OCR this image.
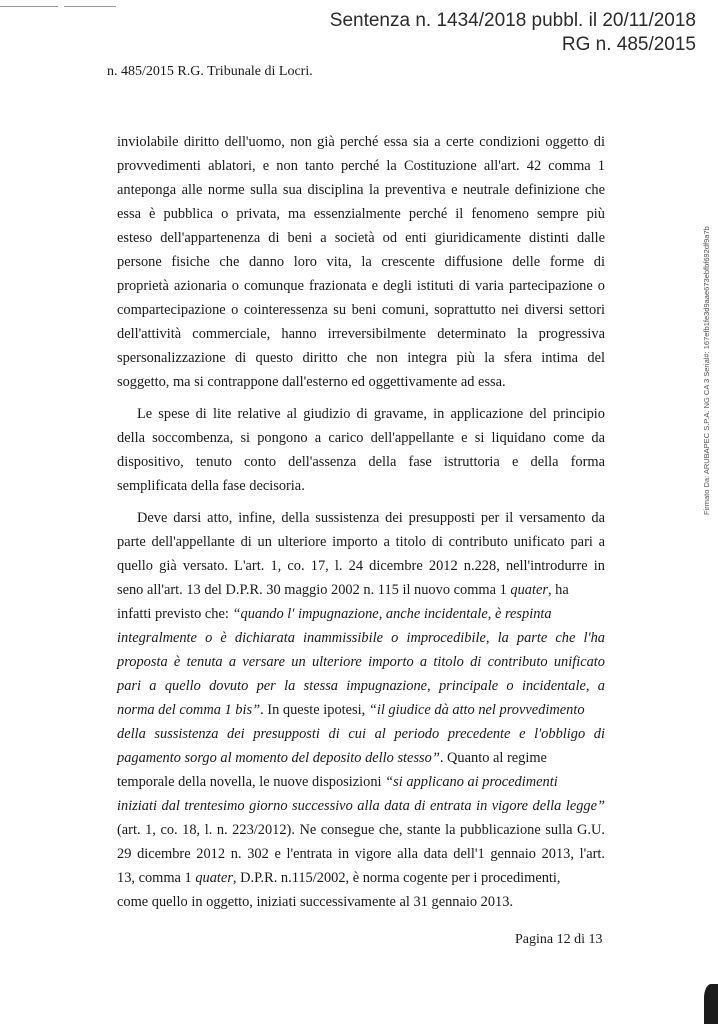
Sentenza n. 1434/2018 pubbl. il 20/11/2018
RG n. 485/2015
n. 485/2015 R.G. Tribunale di Locri.
inviolabile diritto dell'uomo, non già perché essa sia a certe condizioni oggetto di
provvedimenti ablatori, e non tanto perché la Costituzione all'art. 42 comma 1
anteponga alle norme sulla sua disciplina la preventiva e neutrale definizione che
essa è pubblica o privata, ma essenzialmente perché il fenomeno sempre più
esteso dell'appartenenza di beni a società od enti giuridicamente distinti dalle
persone fisiche che danno loro vita, la crescente diffusione delle forme di
proprietà azionaria o comunque frazionata e degli istituti di varia partecipazione o
compartecipazione o cointeressenza su beni comuni, soprattutto nei diversi settori
dell'attività commerciale, hanno irreversibilmente determinato la progressiva
spersonalizzazione di questo diritto che non integra più la sfera intima del
soggetto, ma si contrappone dall'esterno ed oggettivamente ad essa.
Le spese di lite relative al giudizio di gravame, in applicazione del principio
della soccombenza, si pongono a carico dell'appellante e si liquidano come da
dispositivo, tenuto conto dell'assenza della fase istruttoria e della forma
semplificata della fase decisoria.
Deve darsi atto, infine, della sussistenza dei presupposti per il versamento da
parte dell'appellante di un ulteriore importo a titolo di contributo unificato pari a
quello già versato. L'art. 1, co. 17, l. 24 dicembre 2012 n.228, nell'introdurre in
seno all'art. 13 del D.P.R. 30 maggio 2002 n. 115 il nuovo comma 1 quater, ha
infatti previsto che: “quando l' impugnazione, anche incidentale, è respinta
integralmente o è dichiarata inammissibile o improcedibile, la parte che l'ha
proposta è tenuta a versare un ulteriore importo a titolo di contributo unificato
pari a quello dovuto per la stessa impugnazione, principale o incidentale, a
norma del comma 1 bis”. In queste ipotesi, “il giudice dà atto nel provvedimento
della sussistenza dei presupposti di cui al periodo precedente e l'obbligo di
pagamento sorgo al momento del deposito dello stesso”. Quanto al regime
temporale della novella, le nuove disposizioni “si applicano ai procedimenti
iniziati dal trentesimo giorno successivo alla data di entrata in vigore della legge”
(art. 1, co. 18, l. n. 223/2012). Ne consegue che, stante la pubblicazione sulla G.U.
29 dicembre 2012 n. 302 e l'entrata in vigore alla data dell'1 gennaio 2013, l'art.
13, comma 1 quater, D.P.R. n.115/2002, è norma cogente per i procedimenti,
come quello in oggetto, iniziati successivamente al 31 gennaio 2013.
Pagina 12 di 13
Firmato Da: ARUBAPEC S.P.A. NG CA 3 Serial#: 167efb1fe3d9aae673ebfbf692df9a7b
